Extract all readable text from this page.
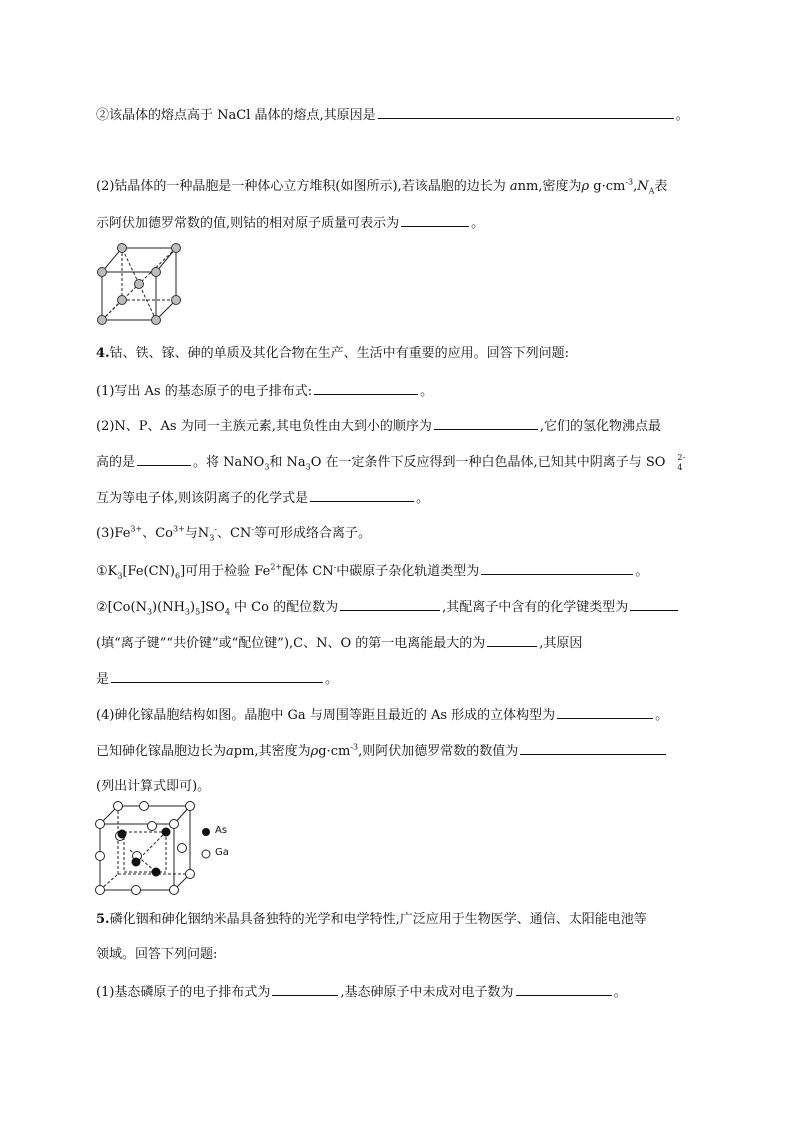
②该晶体的熔点高于 NaCl 晶体的熔点,其原因是	。
(2)钴晶体的一种晶胞是一种体心立方堆积(如图所示),若该晶胞的边长为 anm,密度为ρ $g\cdot cm^{-3},N_A$表
示阿伏加德罗常数的值,则钴的相对原子质量可表示为	。
4.钴、铁、镓、砷的单质及其化合物在生产、生活中有重要的应用。回答下列问题:
(1)写出 As 的基态原子的电子排布式:	。
(2)N、P、As 为同一主族元素,其电负性由大到小的顺序为	,它们的氢化物沸点最
高的是	。将 NaNO$_3$和 $Na_3O$ 在一定条件下反应得到一种白色晶体,已知其中阴离子与 SO 2-
4
互为等电子体,则该阴离子的化学式是	。
$(3)Fe^{3+}$、$Co^{3+}$与$N_3^-$、CN-等可形成络合离子。
$①K_3[Fe(CN)_6]$可用于检验 $Fe^{2+}$配体 CN-中碳原子杂化轨道类型为	。
$②[Co(N_3)(NH_3)_5]SO_4$ 中 Co 的配位数为	,其配离子中含有的化学键类型为
(填“离子键”“共价键”或“配位键”),C、N、O 的第一电离能最大的为	,其原因
是	。
(4)砷化镓晶胞结构如图。晶胞中 Ga 与周围等距且最近的 As 形成的立体构型为	。
已知砷化镓晶胞边长为apm,其密度为$\rho g\cdot cm^{-3}$,则阿伏加德罗常数的数值为
(列出计算式即可)。
As
Ga
5.磷化铟和砷化铟纳米晶具备独特的光学和电学特性,广泛应用于生物医学、通信、太阳能电池等
领域。回答下列问题:
(1)基态磷原子的电子排布式为	,基态砷原子中未成对电子数为	。
